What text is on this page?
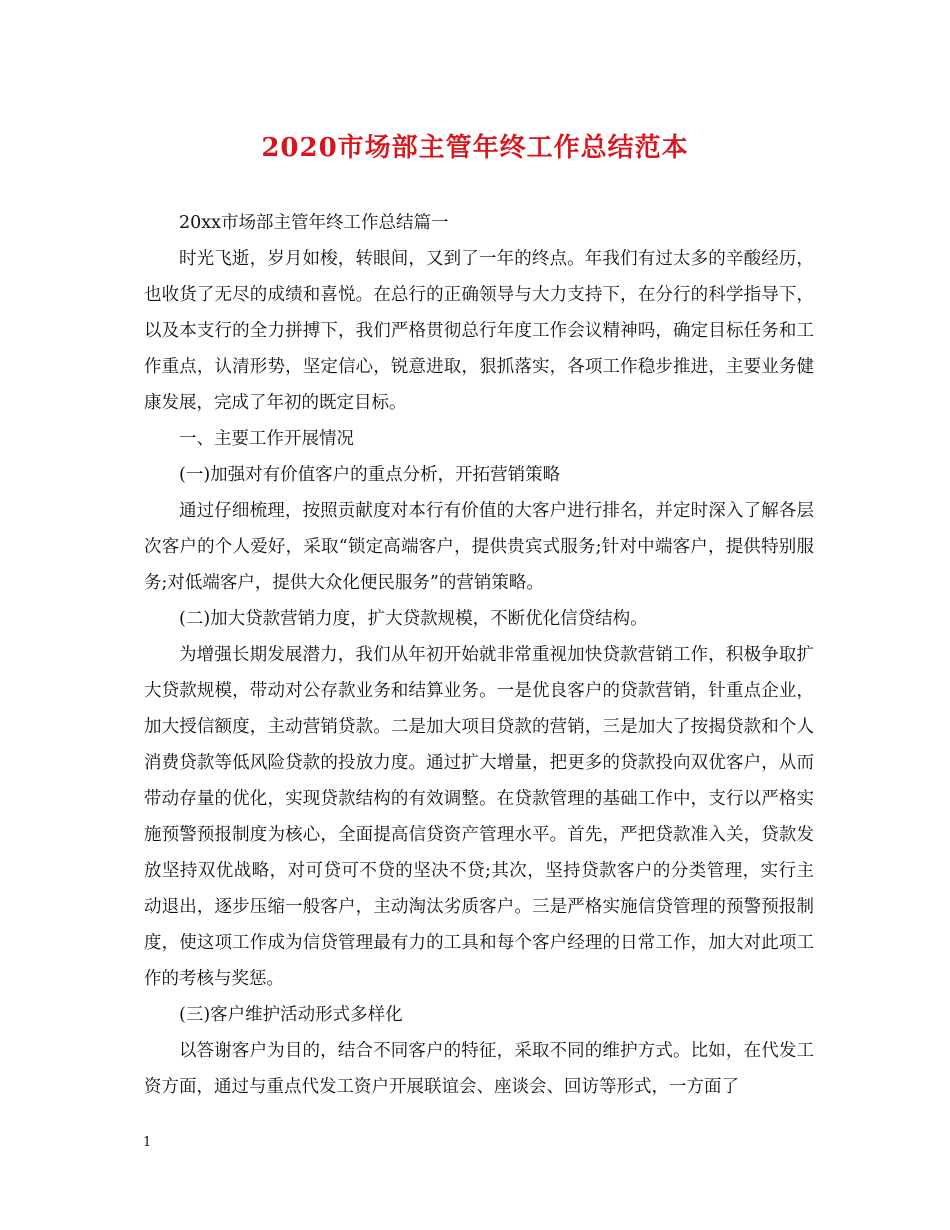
2020市场部主管年终工作总结范本

20xx市场部主管年终工作总结篇一

时光飞逝，岁月如梭，转眼间，又到了一年的终点。年我们有过太多的辛酸经历，也收货了无尽的成绩和喜悦。在总行的正确领导与大力支持下，在分行的科学指导下，以及本支行的全力拼搏下，我们严格贯彻总行年度工作会议精神吗，确定目标任务和工作重点，认清形势，坚定信心，锐意进取，狠抓落实，各项工作稳步推进，主要业务健康发展，完成了年初的既定目标。

一、主要工作开展情况

(一)加强对有价值客户的重点分析，开拓营销策略

通过仔细梳理，按照贡献度对本行有价值的大客户进行排名，并定时深入了解各层次客户的个人爱好，采取“锁定高端客户，提供贵宾式服务;针对中端客户，提供特别服务;对低端客户，提供大众化便民服务”的营销策略。

(二)加大贷款营销力度，扩大贷款规模，不断优化信贷结构。

为增强长期发展潜力，我们从年初开始就非常重视加快贷款营销工作，积极争取扩大贷款规模，带动对公存款业务和结算业务。一是优良客户的贷款营销，针重点企业，加大授信额度，主动营销贷款。二是加大项目贷款的营销，三是加大了按揭贷款和个人消费贷款等低风险贷款的投放力度。通过扩大增量，把更多的贷款投向双优客户，从而带动存量的优化，实现贷款结构的有效调整。在贷款管理的基础工作中，支行以严格实施预警预报制度为核心，全面提高信贷资产管理水平。首先，严把贷款准入关，贷款发放坚持双优战略，对可贷可不贷的坚决不贷;其次，坚持贷款客户的分类管理，实行主动退出，逐步压缩一般客户，主动淘汰劣质客户。三是严格实施信贷管理的预警预报制度，使这项工作成为信贷管理最有力的工具和每个客户经理的日常工作，加大对此项工作的考核与奖惩。

(三)客户维护活动形式多样化

以答谢客户为目的，结合不同客户的特征，采取不同的维护方式。比如，在代发工资方面，通过与重点代发工资户开展联谊会、座谈会、回访等形式，一方面了

1
